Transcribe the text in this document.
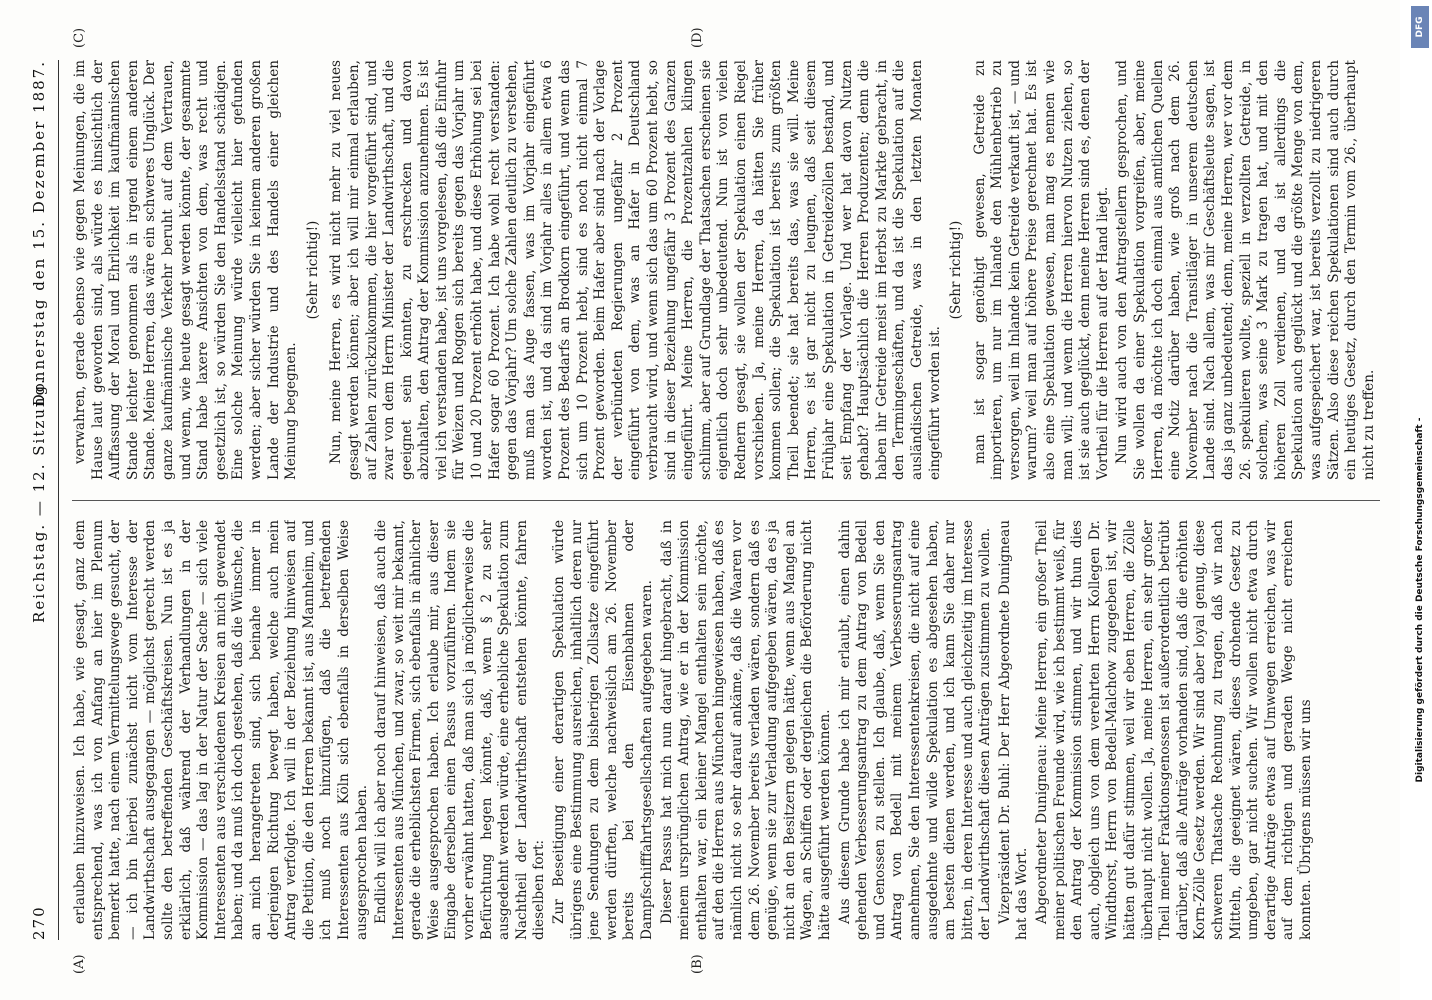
270
Reichstag. — 12. Sitzung.
Donnerstag den 15. Dezember 1887.
(A)	(B)
(C)	(D)

erlauben hinzuweisen. Ich habe, wie gesagt, ganz dem entsprechend, was ich von Anfang an hier im Plenum bemerkt hatte, nach einem Vermittelungswege gesucht, der — ich bin hierbei zunächst nicht vom Interesse der Landwirthschaft ausgegangen — möglichst gerecht werden sollte den betreffenden Geschäftskreisen. Nun ist es ja erklärlich, daß während der Verhandlungen in der Kommission — das lag in der Natur der Sache — sich viele Interessenten aus verschiedenen Kreisen an mich gewendet haben; und da muß ich doch gestehen, daß die Wünsche, die an mich herangetreten sind, sich beinahe immer in derjenigen Richtung bewegt haben, welche auch mein Antrag verfolgte. Ich will in der Beziehung hinweisen auf die Petition, die den Herren bekannt ist, aus Mannheim, und ich muß noch hinzufügen, daß die betreffenden Interessenten aus Köln sich ebenfalls in derselben Weise ausgesprochen haben. Endlich will ich aber noch darauf hinweisen, daß auch die Interessenten aus München, und zwar, so weit mir bekannt, gerade die erheblichsten Firmen, sich ebenfalls in ähnlicher Weise ausgesprochen haben. Ich erlaube mir, aus dieser Eingabe derselben einen Passus vorzuführen. Indem sie vorher erwähnt hatten, daß man sich ja möglicherweise die Befürchtung hegen könnte, daß, wenn § 2 zu sehr ausgedehnt werden würde, eine erhebliche Spekulation zum Nachtheil der Landwirthschaft entstehen könnte, fahren dieselben fort: Zur Beseitigung einer derartigen Spekulation würde übrigens eine Bestimmung ausreichen, inhaltlich deren nur jene Sendungen zu dem bisherigen Zollsatze eingeführt werden dürften, welche nachweislich am 26. November bereits bei den Eisenbahnen oder Dampfschifffahrtsgesellschaften aufgegeben waren. Dieser Passus hat mich nun darauf hingebracht, daß in meinem ursprünglichen Antrag, wie er in der Kommission enthalten war, ein kleiner Mangel enthalten sein möchte, auf den die Herren aus München hingewiesen haben, daß es nämlich nicht so sehr darauf ankäme, daß die Waaren vor dem 26. November bereits verladen wären, sondern daß es genüge, wenn sie zur Verladung aufgegeben wären, da es ja nicht an den Besitzern gelegen hätte, wenn aus Mangel an Wagen, an Schiffen oder dergleichen die Beförderung nicht hätte ausgeführt werden können. Aus diesem Grunde habe ich mir erlaubt, einen dahin gehenden Verbesserungsantrag zu dem Antrag von Bedell und Genossen zu stellen. Ich glaube, daß, wenn Sie den Antrag von Bedell mit meinem Verbesserungsantrag annehmen, Sie den Interessentenkreisen, die nicht auf eine ausgedehnte und wilde Spekulation es abgesehen haben, am besten dienen werden, und ich kann Sie daher nur bitten, in deren Interesse und auch gleichzeitig im Interesse der Landwirthschaft diesen Anträgen zustimmen zu wollen. Vizepräsident Dr. Buhl: Der Herr Abgeordnete Dunigneau hat das Wort. Abgeordneter Dunigneau: Meine Herren, ein großer Theil meiner politischen Freunde wird, wie ich bestimmt weiß, für den Antrag der Kommission stimmen, und wir thun dies auch, obgleich uns von dem verehrten Herrn Kollegen Dr. Windthorst, Herrn von Bedell-Malchow zugegeben ist, wir hätten gut dafür stimmen, weil wir eben Herren, die Zölle überhaupt nicht wollen. Ja, meine Herren, ein sehr großer Theil meiner Fraktionsgenossen ist außerordentlich betrübt darüber, daß alle Anträge vorhanden sind, daß die erhöhten Korn-Zölle Gesetz werden. Wir sind aber loyal genug, diese schweren Thatsache Rechnung zu tragen, daß wir nach Mitteln, die geeignet wären, dieses drohende Gesetz zu umgeben, gar nicht suchen. Wir wollen nicht etwa durch derartige Anträge etwas auf Umwegen erreichen, was wir auf dem richtigen und geraden Wege nicht erreichen konnten. Übrigens müssen wir uns

verwahren, gerade ebenso wie gegen Meinungen, die im Hause laut geworden sind, als würde es hinsichtlich der Auffassung der Moral und Ehrlichkeit im kaufmännischen Stande leichter genommen als in irgend einem anderen Stande. Meine Herren, das wäre ein schweres Unglück. Der ganze kaufmännische Verkehr beruht auf dem Vertrauen, und wenn, wie heute gesagt werden könnte, der gesammte Stand habe laxere Ansichten von dem, was recht und gesetzlich ist, so würden Sie den Handelsstand schädigen. Eine solche Meinung würde vielleicht hier gefunden werden; aber sicher würden Sie in keinem anderen großen Lande der Industrie und des Handels einer gleichen Meinung begegnen.

(Sehr richtig!) Nun, meine Herren, es wird nicht mehr zu viel neues gesagt werden können; aber ich will mir einmal erlauben, auf Zahlen zurückzukommen, die hier vorgeführt sind, und zwar von dem Herrn Minister der Landwirthschaft, und die geeignet sein könnten, zu erschrecken und davon abzuhalten, den Antrag der Kommission anzunehmen. Es ist viel ich verstanden habe, ist uns vorgelesen, daß die Einfuhr für Weizen und Roggen sich bereits gegen das Vorjahr um 10 und 20 Prozent erhöht habe, und diese Erhöhung sei bei Hafer sogar 60 Prozent. Ich habe wohl recht verstanden: gegen das Vorjahr? Um solche Zahlen deutlich zu verstehen, muß man das Auge fassen, was im Vorjahr eingeführt worden ist, und da sind im Vorjahr alles in allem etwa 6 Prozent des Bedarfs an Brodkorn eingeführt, und wenn das sich um 10 Prozent hebt, sind es noch nicht einmal 7 Prozent geworden. Beim Hafer aber sind nach der Vorlage der verbündeten Regierungen ungefähr 2 Prozent eingeführt von dem, was an Hafer in Deutschland verbraucht wird, und wenn sich das um 60 Prozent hebt, so sind in dieser Beziehung ungefähr 3 Prozent des Ganzen eingeführt. Meine Herren, die Prozentzahlen klingen schlimm, aber auf Grundlage der Thatsachen erscheinen sie eigentlich doch sehr unbedeutend. Nun ist von vielen Rednern gesagt, sie wollen der Spekulation einen Riegel vorschieben. Ja, meine Herren, da hätten Sie früher kommen sollen; die Spekulation ist bereits zum größten Theil beendet; sie hat bereits das, was sie will. Meine Herren, es ist gar nicht zu leugnen, daß seit diesem Frühjahr eine Spekulation in Getreidezöllen bestand, und seit Empfang der Vorlage. Und wer hat davon Nutzen gehabt? Hauptsächlich die Herren Produzenten; denn die haben ihr Getreide meist im Herbst zu Markte gebracht, in den Termingeschäften, und da ist die Spekulation auf die ausländischen Getreide, was in den letzten Monaten eingeführt worden ist.

(Sehr richtig!) man ist sogar genöthigt gewesen, Getreide zu importieren, um nur im Inlande den Mühlenbetrieb zu versorgen, weil im Inlande kein Getreide verkauft ist, — und warum? weil man auf höhere Preise gerechnet hat. Es ist also eine Spekulation gewesen, man mag es nennen wie man will; und wenn die Herren hiervon Nutzen ziehen, so ist sie auch geglückt, denn meine Herren sind es, denen der Vortheil für die Herren auf der Hand liegt. Nun wird auch von den Antragstellern gesprochen, und Sie wollen da einer Spekulation vorgreifen, aber, meine Herren, da möchte ich doch einmal aus amtlichen Quellen eine Notiz darüber haben, wie groß nach dem 26. November nach die Transitläger in unserem deutschen Lande sind. Nach allem, was mir Geschäftsleute sagen, ist das ja ganz unbedeutend; denn, meine Herren, wer vor dem 26. spekulieren wollte, speziell in verzollten Getreide, in solchem, was seine 3 Mark zu tragen hat, und mit den höheren Zoll verdienen, und da ist allerdings die Spekulation auch geglückt und die größte Menge von dem, was aufgespeichert war, ist bereits verzollt zu niedrigeren Sätzen. Also diese reichen Spekulationen sind auch durch ein heutiges Gesetz, durch den Termin vom 26., überhaupt nicht zu treffen.

DFG
Digitalisierung gefördert durch die Deutsche Forschungsgemeinschaft -
